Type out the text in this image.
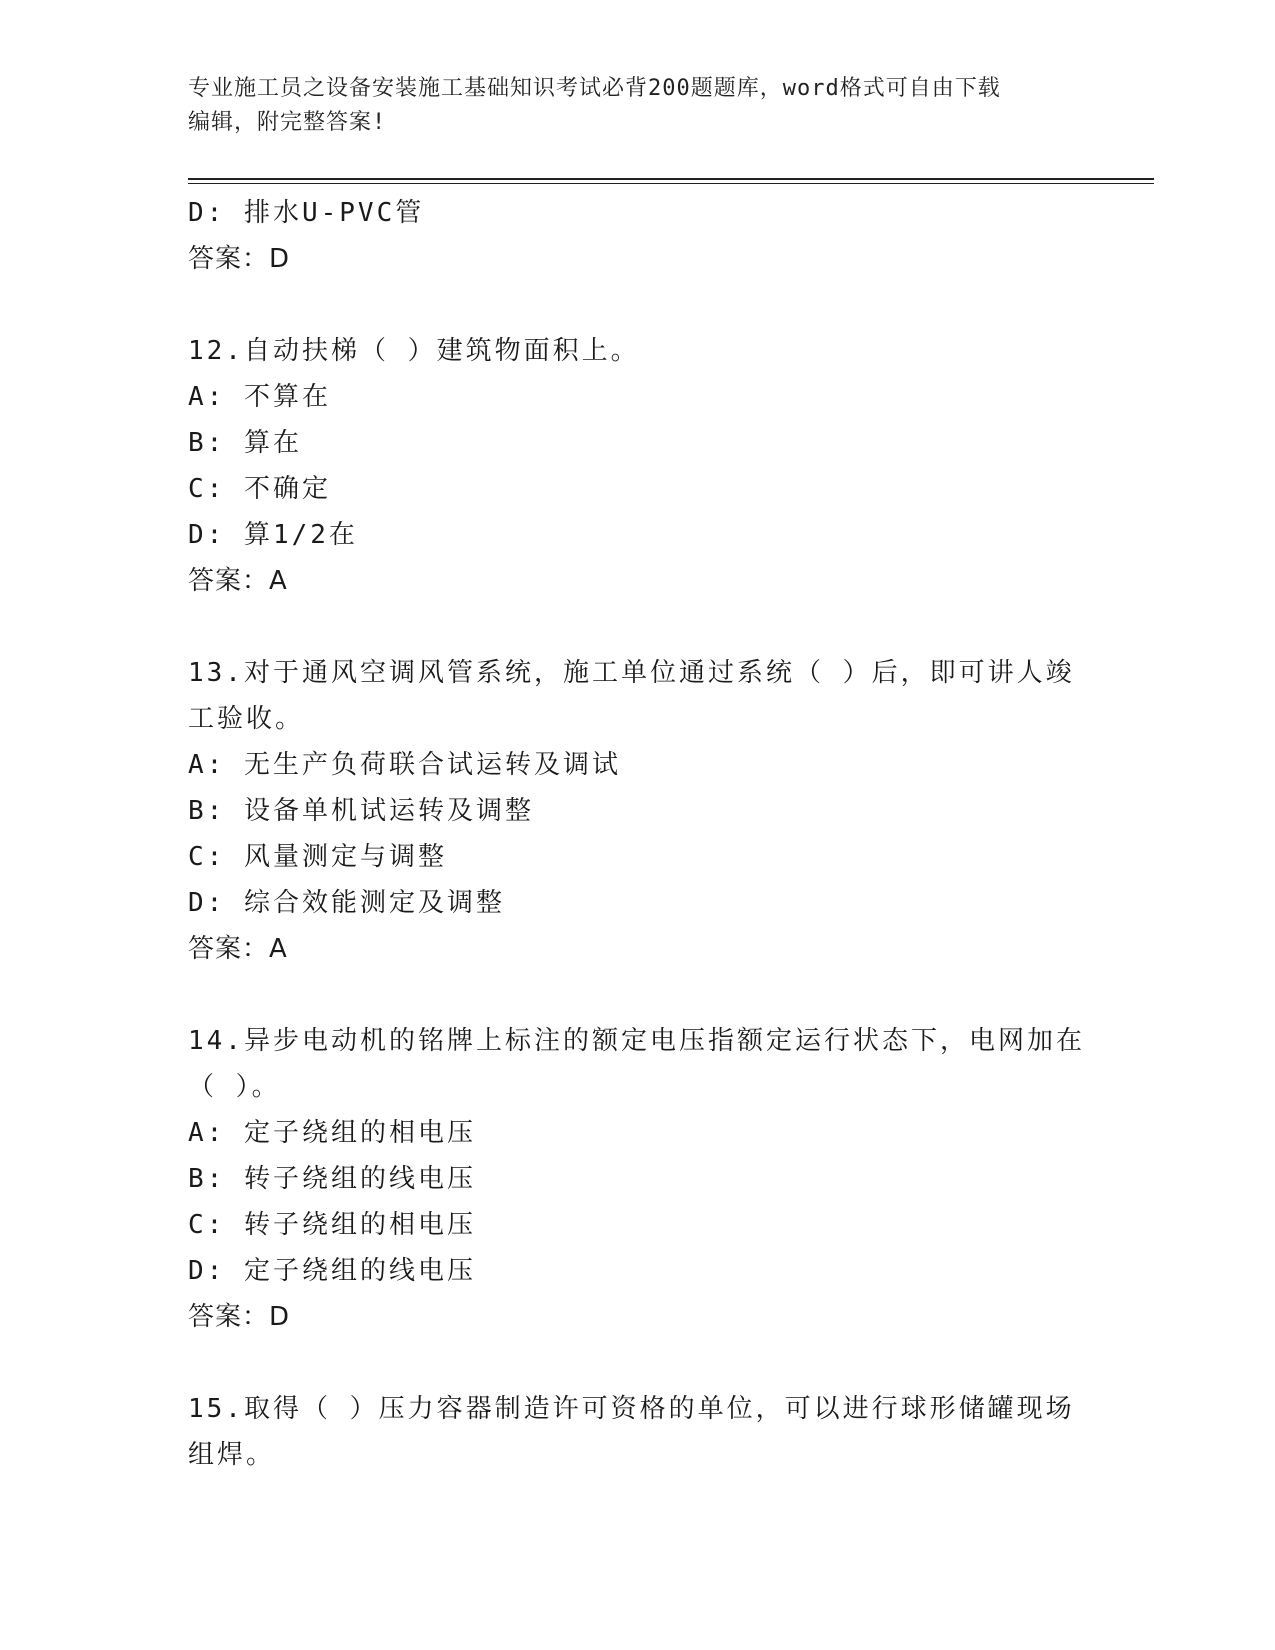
专业施工员之设备安装施工基础知识考试必背200题题库，word格式可自由下载
编辑，附完整答案!
D: 排水U-PVC管
答案：D
12.自动扶梯（ ）建筑物面积上。
A: 不算在
B: 算在
C: 不确定
D: 算1/2在
答案：A
13.对于通风空调风管系统，施工单位通过系统（ ）后，即可讲人竣
工验收。
A: 无生产负荷联合试运转及调试
B: 设备单机试运转及调整
C: 风量测定与调整
D: 综合效能测定及调整
答案：A
14.异步电动机的铭牌上标注的额定电压指额定运行状态下，电网加在
（ ）。
A: 定子绕组的相电压
B: 转子绕组的线电压
C: 转子绕组的相电压
D: 定子绕组的线电压
答案：D
15.取得（ ）压力容器制造许可资格的单位，可以进行球形储罐现场
组焊。
